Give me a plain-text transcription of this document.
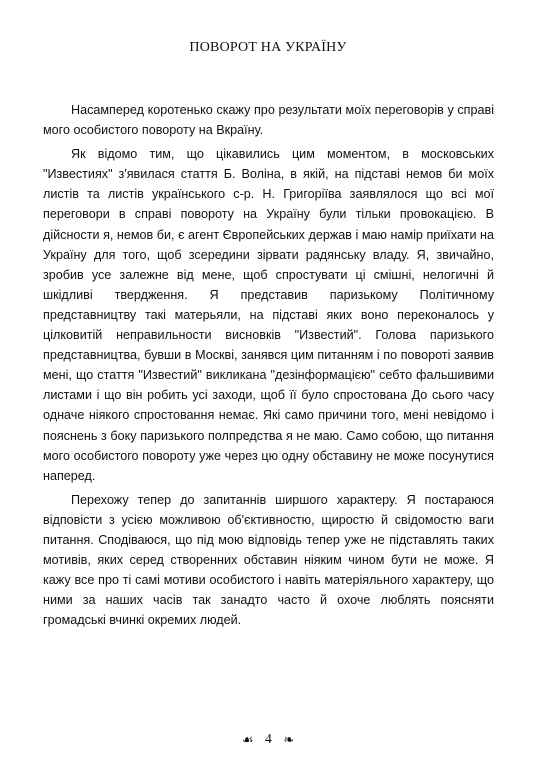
ПОВОРОТ НА УКРАЇНУ

Насамперед коротенько скажу про результати моїх переговорів у справі мого особистого повороту на Вкраїну.

Як відомо тим, що цікавились цим моментом, в московських "Известиях" з'явилася стаття Б. Воліна, в якій, на підставі немов би моїх листів та листів українського с-р. Н. Григоріїва заявлялося що всі мої переговори в справі повороту на Україну були тільки провокацією. В дійсности я, немов би, є агент Європейських держав і маю намір приїхати на Україну для того, щоб зсередини зірвати радянську владу. Я, звичайно, зробив усе залежне від мене, щоб спростувати ці смішні, нелогичні й шкідливі твердження. Я представив паризькому Політичному представництву такі матерьяли, на підставі яких воно переконалось у цілковитій неправильности висновків "Известий". Голова паризького представництва, бувши в Москві, занявся цим питанням і по повороті заявив мені, що стаття "Известий" викликана "дезінформацією" себто фальшивими листами і що він робить усі заходи, щоб її було спростована До сього часу одначе ніякого спростовання немає. Які само причини того, мені невідомо і пояснень з боку паризького полпредства я не маю. Само собою, що питання мого особистого повороту уже через цю одну обставину не може посунутися наперед.

Перехожу тепер до запитаннів ширшого характеру. Я постараюся відповісти з усією можливою об'єктивностю, щиростю й свідомостю ваги питання. Сподіваюся, що під мою відповідь тепер уже не підставлять таких мотивів, яких серед створенних обставин ніяким чином бути не може. Я кажу все про ті самі мотиви особистого і навіть матеріяльного характеру, що ними за наших часів так занадто часто й охоче люблять поясняти громадські вчинкі окремих людей.

☙ 4 ❧
